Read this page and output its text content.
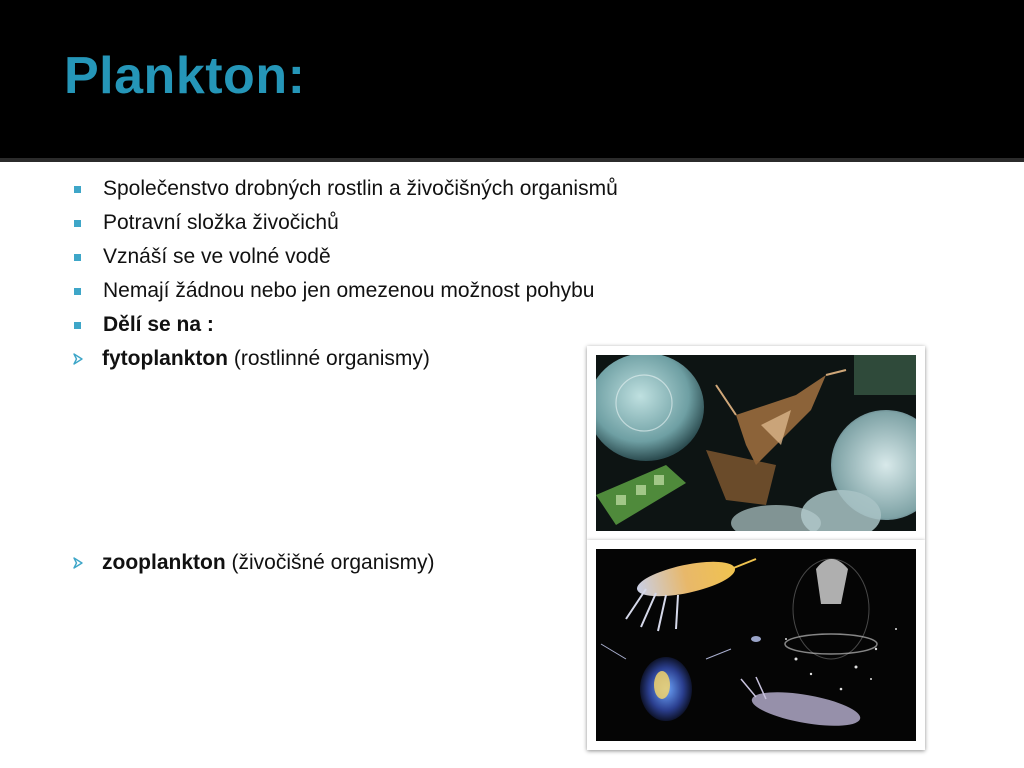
Plankton:
Společenstvo drobných rostlin a živočišných organismů
Potravní složka živočichů
Vznáší se ve volné vodě
Nemají žádnou nebo jen omezenou možnost pohybu
Dělí se na :
fytoplankton (rostlinné organismy)
zooplankton (živočišné organismy)
